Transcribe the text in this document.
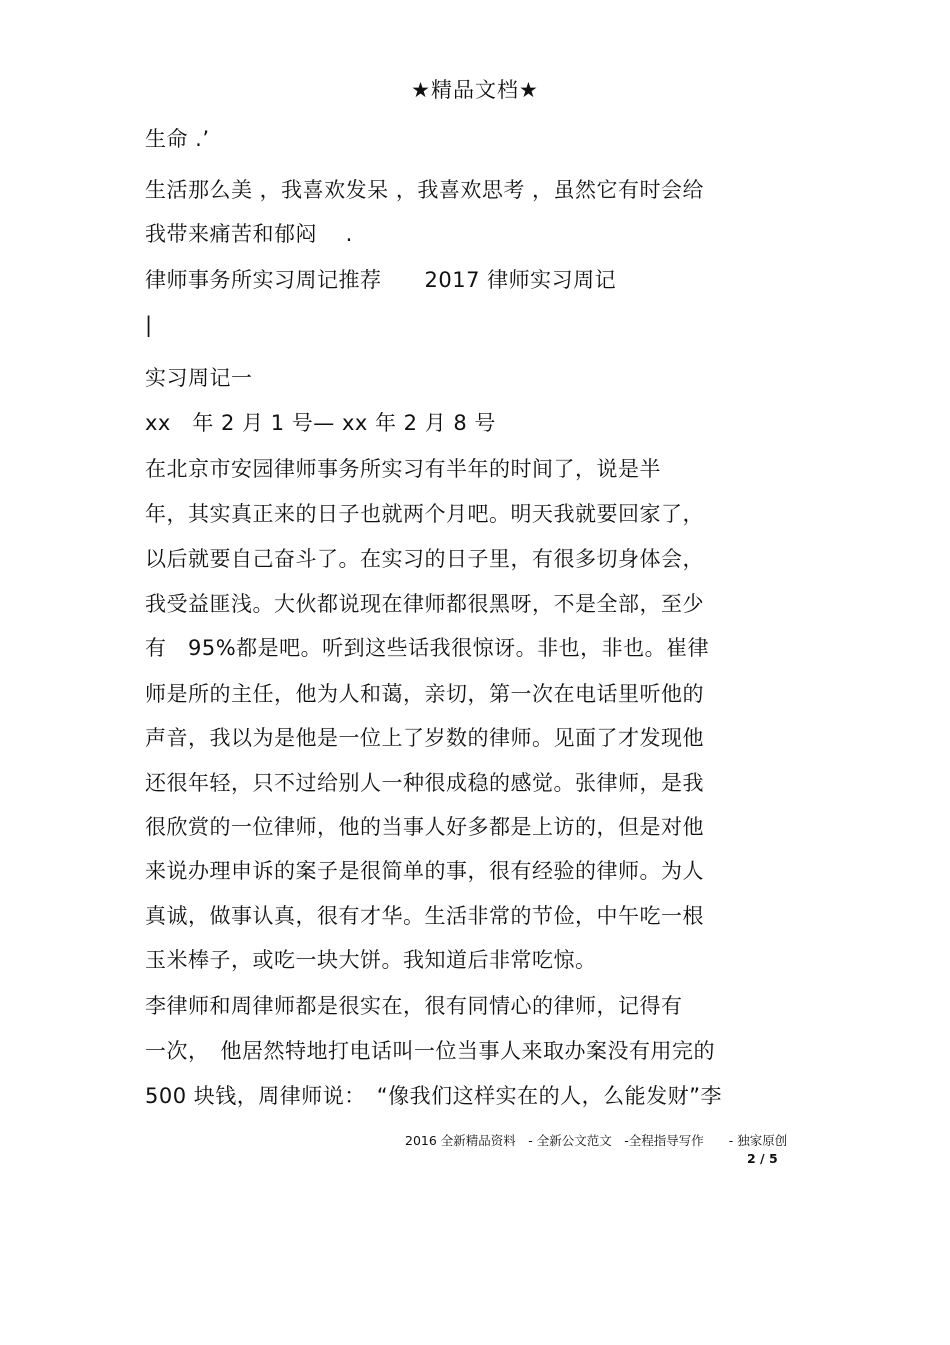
★精品文档★
生命 .’
生活那么美 ，我喜欢发呆 ，我喜欢思考 ，虽然它有时会给
我带来痛苦和郁闷　 .
律师事务所实习周记推荐　　2017 律师实习周记
|
实习周记一
xx　年 2 月 1 号— xx 年 2 月 8 号
在北京市安园律师事务所实习有半年的时间了，说是半
年，其实真正来的日子也就两个月吧。明天我就要回家了，
以后就要自己奋斗了。在实习的日子里，有很多切身体会，
我受益匪浅。大伙都说现在律师都很黑呀，不是全部，至少
有　95%都是吧。听到这些话我很惊讶。非也，非也。崔律
师是所的主任，他为人和蔼，亲切，第一次在电话里听他的
声音，我以为是他是一位上了岁数的律师。见面了才发现他
还很年轻，只不过给别人一种很成稳的感觉。张律师，是我
很欣赏的一位律师，他的当事人好多都是上访的，但是对他
来说办理申诉的案子是很简单的事，很有经验的律师。为人
真诚，做事认真，很有才华。生活非常的节俭，中午吃一根
玉米棒子，或吃一块大饼。我知道后非常吃惊。
李律师和周律师都是很实在，很有同情心的律师，记得有
一次，　他居然特地打电话叫一位当事人来取办案没有用完的
500 块钱，周律师说：　“像我们这样实在的人，么能发财”李
2016 全新精品资料　- 全新公文范文　-全程指导写作　　- 独家原创
2 / 5
